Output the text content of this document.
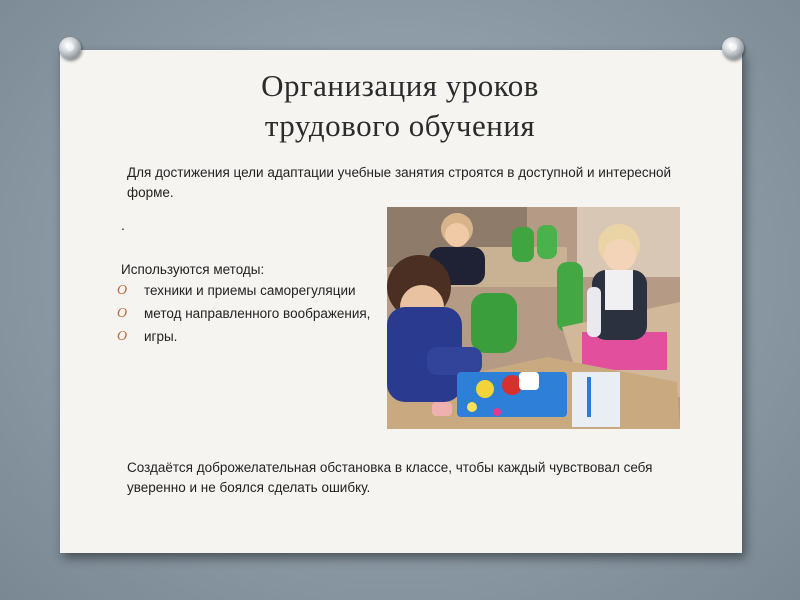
Организация уроков
трудового обучения
Для достижения цели адаптации учебные занятия строятся в доступной и интересной форме.
.
Используются методы:
O техники и приемы саморегуляции
O метод направленного воображения,
O игры.
Создаётся доброжелательная обстановка в классе, чтобы каждый чувствовал себя уверенно и не боялся сделать ошибку.
